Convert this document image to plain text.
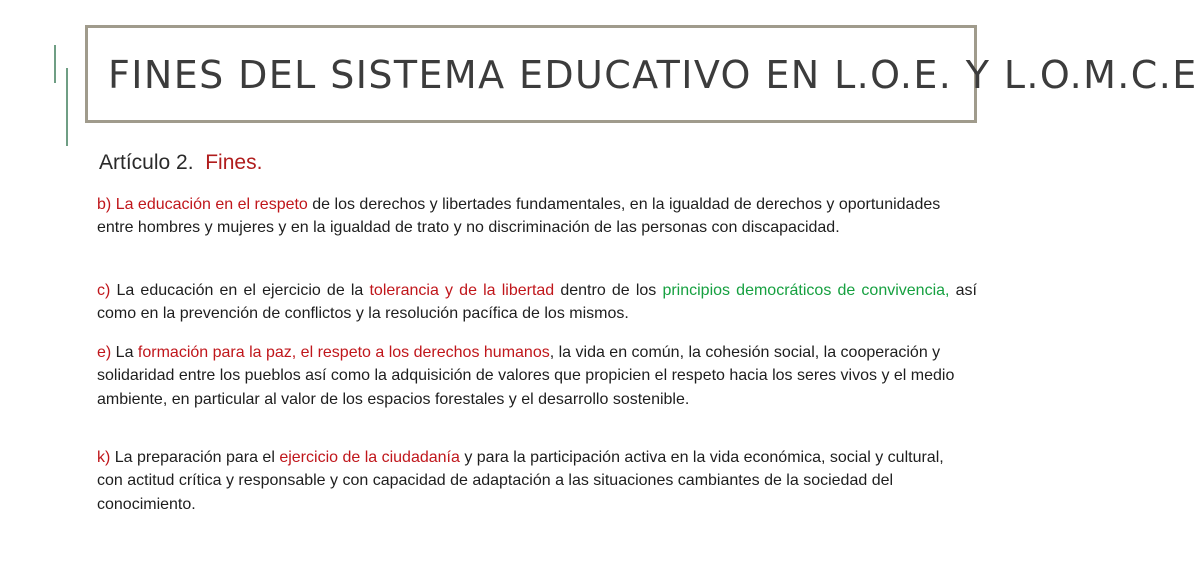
FINES DEL SISTEMA EDUCATIVO EN L.O.E. Y L.O.M.C.E
Artículo 2. Fines.
b) La educación en el respeto de los derechos y libertades fundamentales, en la igualdad de derechos y oportunidades entre hombres y mujeres y en la igualdad de trato y no discriminación de las personas con discapacidad.
c) La educación en el ejercicio de la tolerancia y de la libertad dentro de los principios democráticos de convivencia, así como en la prevención de conflictos y la resolución pacífica de los mismos.
e) La formación para la paz, el respeto a los derechos humanos, la vida en común, la cohesión social, la cooperación y solidaridad entre los pueblos así como la adquisición de valores que propicien el respeto hacia los seres vivos y el medio ambiente, en particular al valor de los espacios forestales y el desarrollo sostenible.
k) La preparación para el ejercicio de la ciudadanía y para la participación activa en la vida económica, social y cultural, con actitud crítica y responsable y con capacidad de adaptación a las situaciones cambiantes de la sociedad del conocimiento.
